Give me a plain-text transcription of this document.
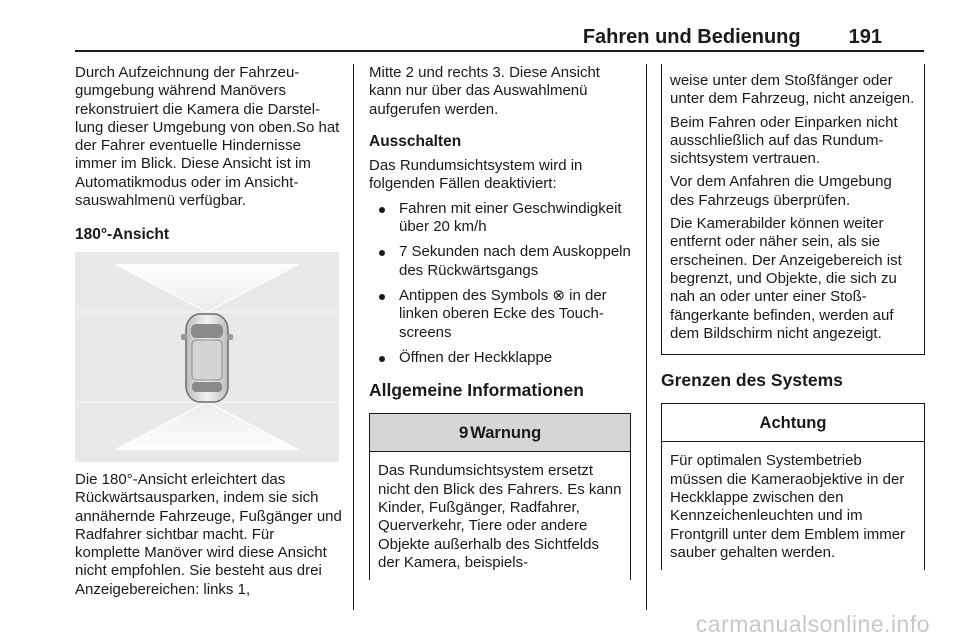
Fahren und Bedienung 191

Durch Aufzeichnung der Fahrzeugumgebung während Manövers rekonstruiert die Kamera die Darstellung dieser Umgebung von oben.So hat der Fahrer eventuelle Hindernisse immer im Blick. Diese Ansicht ist im Automatikmodus oder im Ansichtsauswahlmenü verfügbar.

180°-Ansicht

Die 180°-Ansicht erleichtert das Rückwärtsausparken, indem sie sich annähernde Fahrzeuge, Fußgänger und Radfahrer sichtbar macht. Für komplette Manöver wird diese Ansicht nicht empfohlen. Sie besteht aus drei Anzeigebereichen: links 1,

Mitte 2 und rechts 3. Diese Ansicht kann nur über das Auswahlmenü aufgerufen werden.

Ausschalten

Das Rundumsichtsystem wird in folgenden Fällen deaktiviert:

Fahren mit einer Geschwindigkeit über 20 km/h
7 Sekunden nach dem Auskoppeln des Rückwärtsgangs
Antippen des Symbols ⊗ in der linken oberen Ecke des Touchscreens
Öffnen der Heckklappe

Allgemeine Informationen

9 Warnung
Das Rundumsichtsystem ersetzt nicht den Blick des Fahrers. Es kann Kinder, Fußgänger, Radfahrer, Querverkehr, Tiere oder andere Objekte außerhalb des Sichtfelds der Kamera, beispiels-

weise unter dem Stoßfänger oder unter dem Fahrzeug, nicht anzeigen.

Beim Fahren oder Einparken nicht ausschließlich auf das Rundumsichtsystem vertrauen.

Vor dem Anfahren die Umgebung des Fahrzeugs überprüfen.

Die Kamerabilder können weiter entfernt oder näher sein, als sie erscheinen. Der Anzeigebereich ist begrenzt, und Objekte, die sich zu nah an oder unter einer Stoßfängerkante befinden, werden auf dem Bildschirm nicht angezeigt.

Grenzen des Systems

Achtung
Für optimalen Systembetrieb müssen die Kameraobjektive in der Heckklappe zwischen den Kennzeichenleuchten und im Frontgrill unter dem Emblem immer sauber gehalten werden.
carmanualsonline.info
